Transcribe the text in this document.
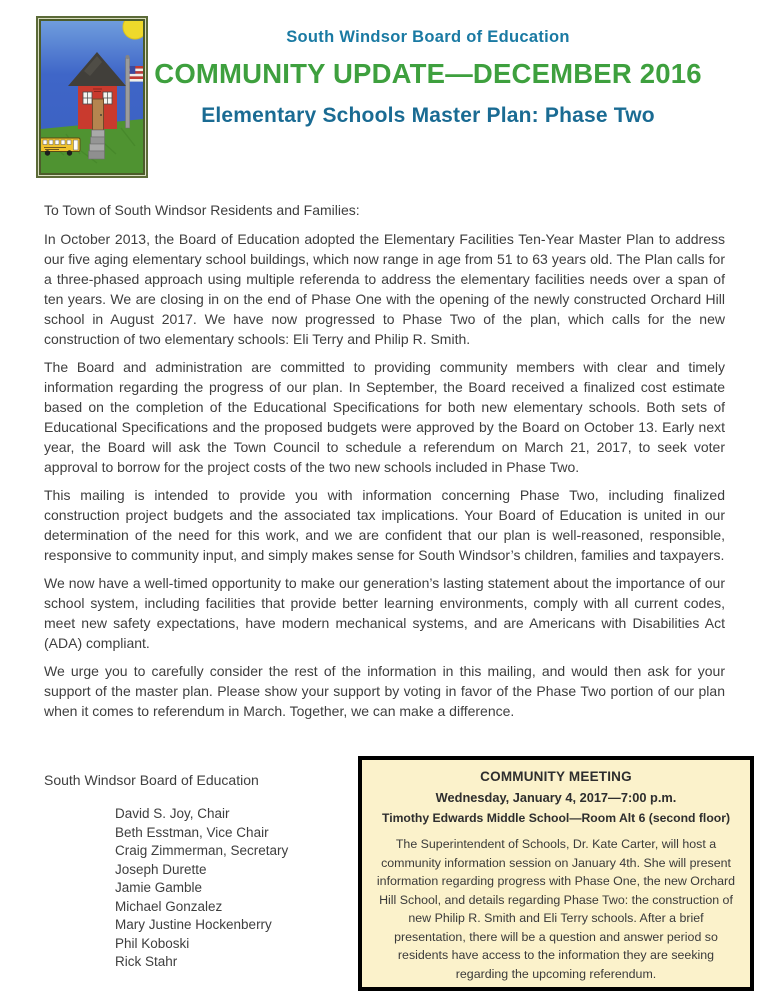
South Windsor Board of Education
COMMUNITY UPDATE—DECEMBER 2016
Elementary Schools Master Plan: Phase Two

To Town of South Windsor Residents and Families:

In October 2013, the Board of Education adopted the Elementary Facilities Ten-Year Master Plan to address our five aging elementary school buildings, which now range in age from 51 to 63 years old. The Plan calls for a three-phased approach using multiple referenda to address the elementary facilities needs over a span of ten years. We are closing in on the end of Phase One with the opening of the newly constructed Orchard Hill school in August 2017. We have now progressed to Phase Two of the plan, which calls for the new construction of two elementary schools: Eli Terry and Philip R. Smith.

The Board and administration are committed to providing community members with clear and timely information regarding the progress of our plan. In September, the Board received a finalized cost estimate based on the completion of the Educational Specifications for both new elementary schools. Both sets of Educational Specifications and the proposed budgets were approved by the Board on October 13. Early next year, the Board will ask the Town Council to schedule a referendum on March 21, 2017, to seek voter approval to borrow for the project costs of the two new schools included in Phase Two.

This mailing is intended to provide you with information concerning Phase Two, including finalized construction project budgets and the associated tax implications. Your Board of Education is united in our determination of the need for this work, and we are confident that our plan is well-reasoned, responsible, responsive to community input, and simply makes sense for South Windsor’s children, families and taxpayers.

We now have a well-timed opportunity to make our generation’s lasting statement about the importance of our school system, including facilities that provide better learning environments, comply with all current codes, meet new safety expectations, have modern mechanical systems, and are Americans with Disabilities Act (ADA) compliant.

We urge you to carefully consider the rest of the information in this mailing, and would then ask for your support of the master plan. Please show your support by voting in favor of the Phase Two portion of our plan when it comes to referendum in March. Together, we can make a difference.

South Windsor Board of Education
David S. Joy, Chair
Beth Esstman, Vice Chair
Craig Zimmerman, Secretary
Joseph Durette
Jamie Gamble
Michael Gonzalez
Mary Justine Hockenberry
Phil Koboski
Rick Stahr
COMMUNITY MEETING
Wednesday, January 4, 2017—7:00 p.m.
Timothy Edwards Middle School—Room Alt 6 (second floor)

The Superintendent of Schools, Dr. Kate Carter, will host a community information session on January 4th. She will present information regarding progress with Phase One, the new Orchard Hill School, and details regarding Phase Two: the construction of new Philip R. Smith and Eli Terry schools. After a brief presentation, there will be a question and answer period so residents have access to the information they are seeking regarding the upcoming referendum.
